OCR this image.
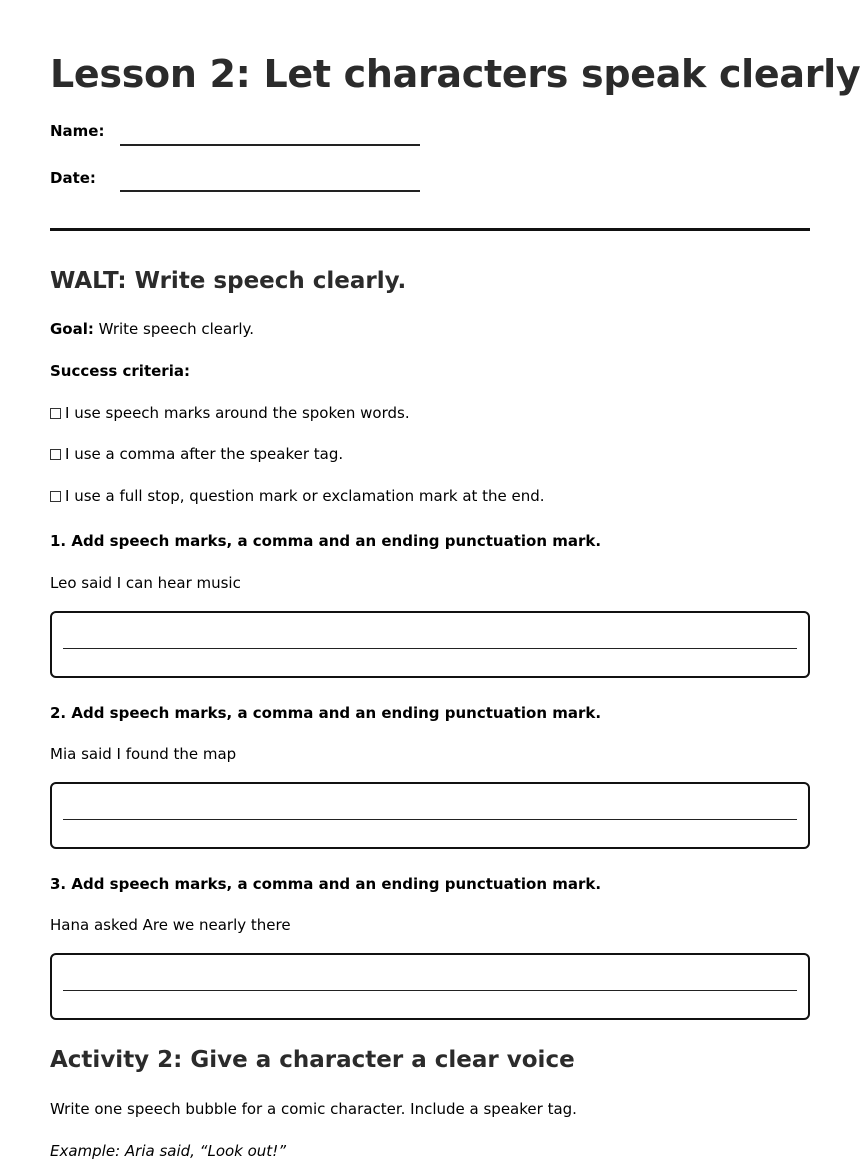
Lesson 2: Let characters speak clearly
Name:
Date:
WALT: Write speech clearly.
Goal: Write speech clearly.
Success criteria:
I use speech marks around the spoken words.
I use a comma after the speaker tag.
I use a full stop, question mark or exclamation mark at the end.
1. Add speech marks, a comma and an ending punctuation mark.
Leo said I can hear music
2. Add speech marks, a comma and an ending punctuation mark.
Mia said I found the map
3. Add speech marks, a comma and an ending punctuation mark.
Hana asked Are we nearly there
Activity 2: Give a character a clear voice
Write one speech bubble for a comic character. Include a speaker tag.
Example: Aria said, “Look out!”
